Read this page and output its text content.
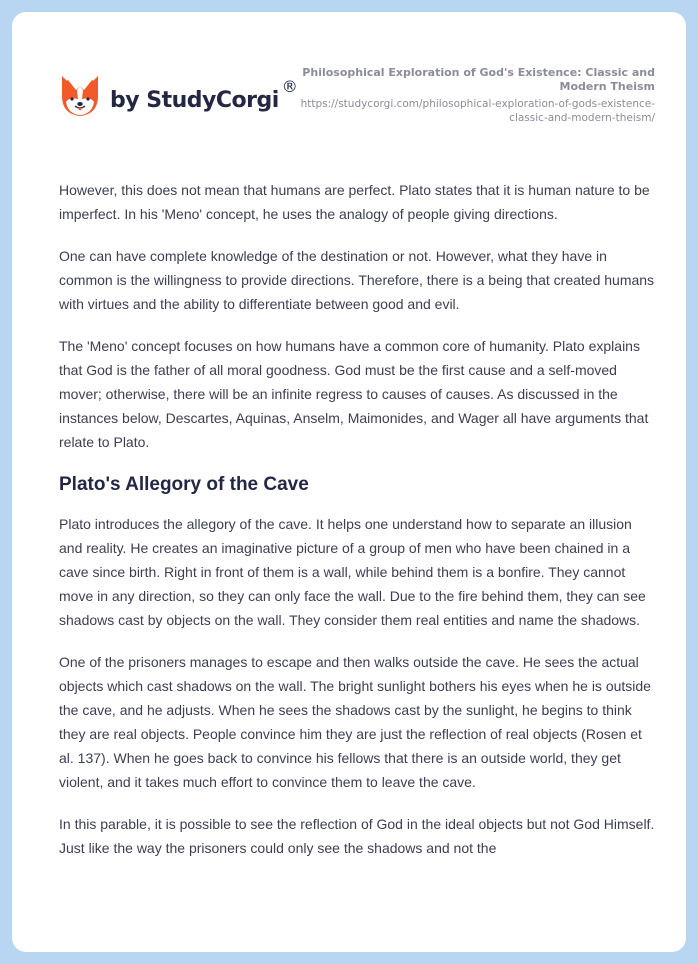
by StudyCorgi
®
Philosophical Exploration of God's Existence: Classic and Modern Theism
https://studycorgi.com/philosophical-exploration-of-gods-existence-classic-and-modern-theism/

However, this does not mean that humans are perfect. Plato states that it is human nature to be imperfect. In his 'Meno' concept, he uses the analogy of people giving directions.

One can have complete knowledge of the destination or not. However, what they have in common is the willingness to provide directions. Therefore, there is a being that created humans with virtues and the ability to differentiate between good and evil.

The 'Meno' concept focuses on how humans have a common core of humanity. Plato explains that God is the father of all moral goodness. God must be the first cause and a self-moved mover; otherwise, there will be an infinite regress to causes of causes. As discussed in the instances below, Descartes, Aquinas, Anselm, Maimonides, and Wager all have arguments that relate to Plato.

Plato's Allegory of the Cave

Plato introduces the allegory of the cave. It helps one understand how to separate an illusion and reality. He creates an imaginative picture of a group of men who have been chained in a cave since birth. Right in front of them is a wall, while behind them is a bonfire. They cannot move in any direction, so they can only face the wall. Due to the fire behind them, they can see shadows cast by objects on the wall. They consider them real entities and name the shadows.

One of the prisoners manages to escape and then walks outside the cave. He sees the actual objects which cast shadows on the wall. The bright sunlight bothers his eyes when he is outside the cave, and he adjusts. When he sees the shadows cast by the sunlight, he begins to think they are real objects. People convince him they are just the reflection of real objects (Rosen et al. 137). When he goes back to convince his fellows that there is an outside world, they get violent, and it takes much effort to convince them to leave the cave.

In this parable, it is possible to see the reflection of God in the ideal objects but not God Himself. Just like the way the prisoners could only see the shadows and not the
